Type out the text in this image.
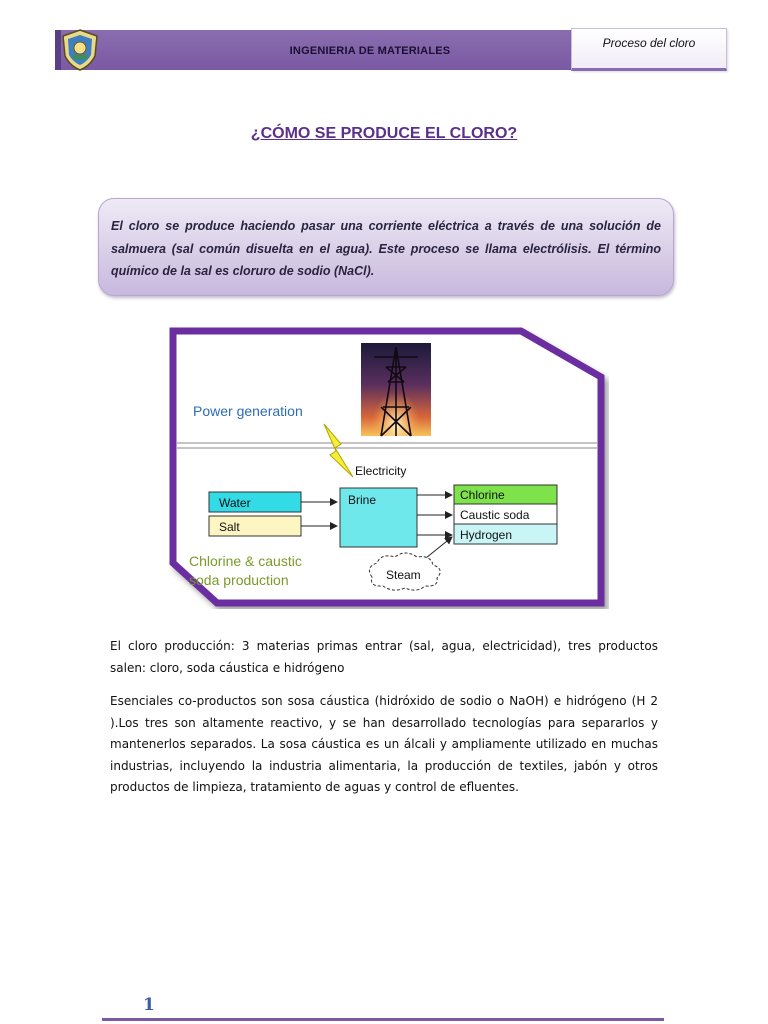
INGENIERIA DE MATERIALES
Proceso del cloro
¿CÓMO SE PRODUCE EL CLORO?
El cloro se produce haciendo pasar una corriente eléctrica a través de una solución de salmuera (sal común disuelta en el agua). Este proceso se llama electrólisis. El término químico de la sal es cloruro de sodio (NaCl).
Power generation
Electricity
Water
Salt
Brine	Chlorine
Caustic soda
Hydrogen
Steam
Chlorine & caustic
soda production

El cloro producción: 3 materias primas entrar (sal, agua, electricidad), tres productos salen: cloro, soda cáustica e hidrógeno

Esenciales co-productos son sosa cáustica (hidróxido de sodio o NaOH) e hidrógeno (H 2 ).Los tres son altamente reactivo, y se han desarrollado tecnologías para separarlos y mantenerlos separados. La sosa cáustica es un álcali y ampliamente utilizado en muchas industrias, incluyendo la industria alimentaria, la producción de textiles, jabón y otros productos de limpieza, tratamiento de aguas y control de efluentes.

1
